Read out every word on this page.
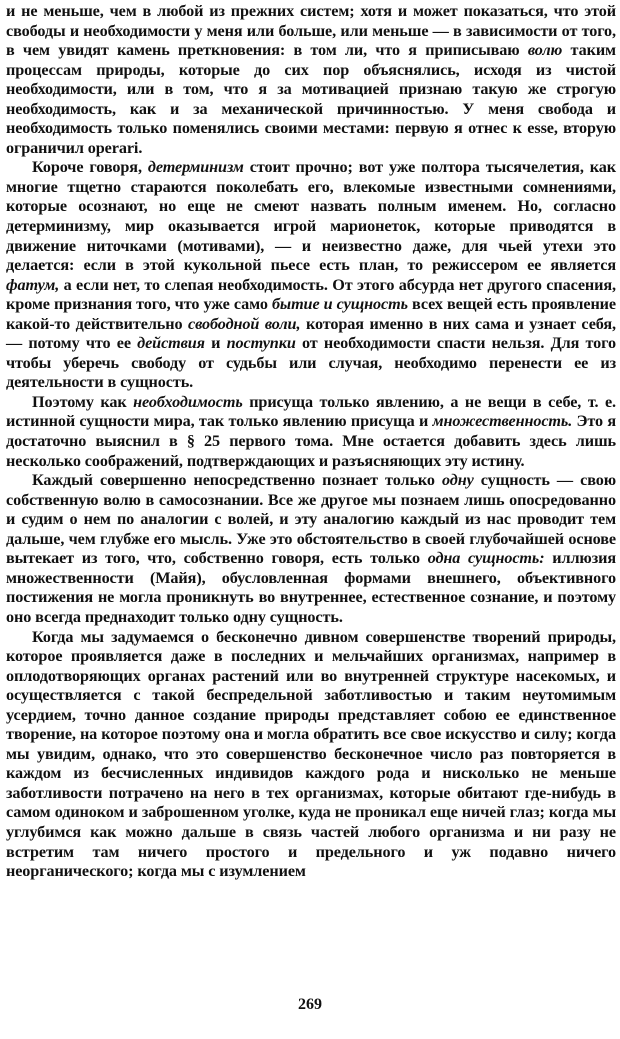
и не меньше, чем в любой из прежних систем; хотя и может показаться, что этой свободы и необходимости у меня или больше, или меньше — в зависимости от того, в чем увидят камень преткновения: в том ли, что я приписываю волю таким процессам природы, которые до сих пор объяснялись, исходя из чистой необходимости, или в том, что я за мотивацией признаю такую же строгую необходимость, как и за механической причинностью. У меня свобода и необходимость только поменялись своими местами: первую я отнес к esse, вторую ограничил operari.

Короче говоря, детерминизм стоит прочно; вот уже полтора тысячелетия, как многие тщетно стараются поколебать его, влекомые известными сомнениями, которые осознают, но еще не смеют назвать полным именем. Но, согласно детерминизму, мир оказывается игрой марионеток, которые приводятся в движение ниточками (мотивами), — и неизвестно даже, для чьей утехи это делается: если в этой кукольной пьесе есть план, то режиссером ее является фатум, а если нет, то слепая необходимость. От этого абсурда нет другого спасения, кроме признания того, что уже само бытие и сущность всех вещей есть проявление какой-то действительно свободной воли, которая именно в них сама и узнает себя, — потому что ее действия и поступки от необходимости спасти нельзя. Для того чтобы уберечь свободу от судьбы или случая, необходимо перенести ее из деятельности в сущность.

Поэтому как необходимость присуща только явлению, а не вещи в себе, т. е. истинной сущности мира, так только явлению присуща и множественность. Это я достаточно выяснил в § 25 первого тома. Мне остается добавить здесь лишь несколько соображений, подтверждающих и разъясняющих эту истину.

Каждый совершенно непосредственно познает только одну сущность — свою собственную волю в самосознании. Все же другое мы познаем лишь опосредованно и судим о нем по аналогии с волей, и эту аналогию каждый из нас проводит тем дальше, чем глубже его мысль. Уже это обстоятельство в своей глубочайшей основе вытекает из того, что, собственно говоря, есть только одна сущность: иллюзия множественности (Майя), обусловленная формами внешнего, объективного постижения не могла проникнуть во внутреннее, естественное сознание, и поэтому оно всегда преднаходит только одну сущность.

Когда мы задумаемся о бесконечно дивном совершенстве творений природы, которое проявляется даже в последних и мельчайших организмах, например в оплодотворяющих органах растений или во внутренней структуре насекомых, и осуществляется с такой беспредельной заботливостью и таким неутомимым усердием, точно данное создание природы представляет собою ее единственное творение, на которое поэтому она и могла обратить все свое искусство и силу; когда мы увидим, однако, что это совершенство бесконечное число раз повторяется в каждом из бесчисленных индивидов каждого рода и нисколько не меньше заботливости потрачено на него в тех организмах, которые обитают где-нибудь в самом одиноком и заброшенном уголке, куда не проникал еще ничей глаз; когда мы углубимся как можно дальше в связь частей любого организма и ни разу не встретим там ничего простого и предельного и уж подавно ничего неорганического; когда мы с изумлением

269
